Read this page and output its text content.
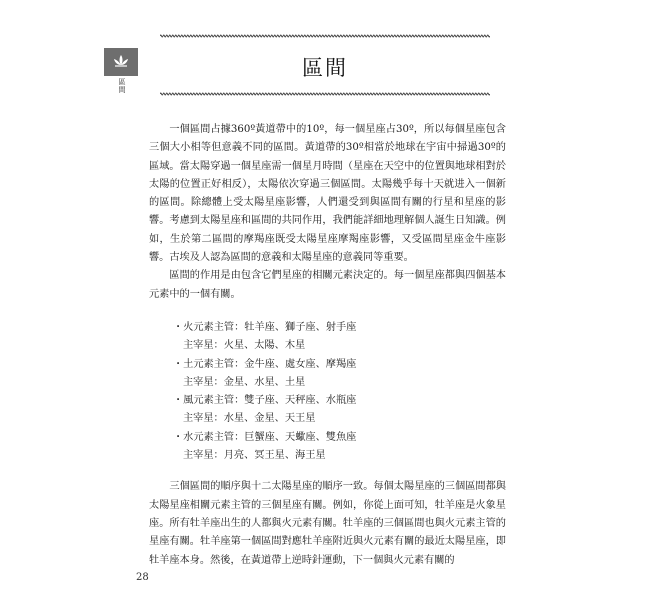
區間
區間

一個區間占據360º黃道帶中的10º，每一個星座占30º，所以每個星座包含三個大小相等但意義不同的區間。黃道帶的30º相當於地球在宇宙中掃過30º的區域。當太陽穿過一個星座需一個星月時間（星座在天空中的位置與地球相對於太陽的位置正好相反），太陽依次穿過三個區間。太陽幾乎每十天就进入一個新的區間。除總體上受太陽星座影響，人們還受到與區間有關的行星和星座的影響。考慮到太陽星座和區間的共同作用，我們能詳細地理解個人誕生日知識。例如，生於第二區間的摩羯座既受太陽星座摩羯座影響，又受區間星座金牛座影響。古埃及人認為區間的意義和太陽星座的意義同等重要。

區間的作用是由包含它們星座的相關元素決定的。每一個星座都與四個基本元素中的一個有關。

・火元素主管：牡羊座、獅子座、射手座
主宰星：火星、太陽、木星
・土元素主管：金牛座、處女座、摩羯座
主宰星：金星、水星、土星
・風元素主管：雙子座、天秤座、水瓶座
主宰星：水星、金星、天王星
・水元素主管：巨蟹座、天蠍座、雙魚座
主宰星：月亮、冥王星、海王星

三個區間的順序與十二太陽星座的順序一致。每個太陽星座的三個區間都與太陽星座相關元素主管的三個星座有關。例如，你從上面可知，牡羊座是火象星座。所有牡羊座出生的人都與火元素有關。牡羊座的三個區間也與火元素主管的星座有關。牡羊座第一個區間對應牡羊座附近與火元素有關的最近太陽星座，即牡羊座本身。然後，在黃道帶上逆時針運動，下一個與火元素有關的

28
